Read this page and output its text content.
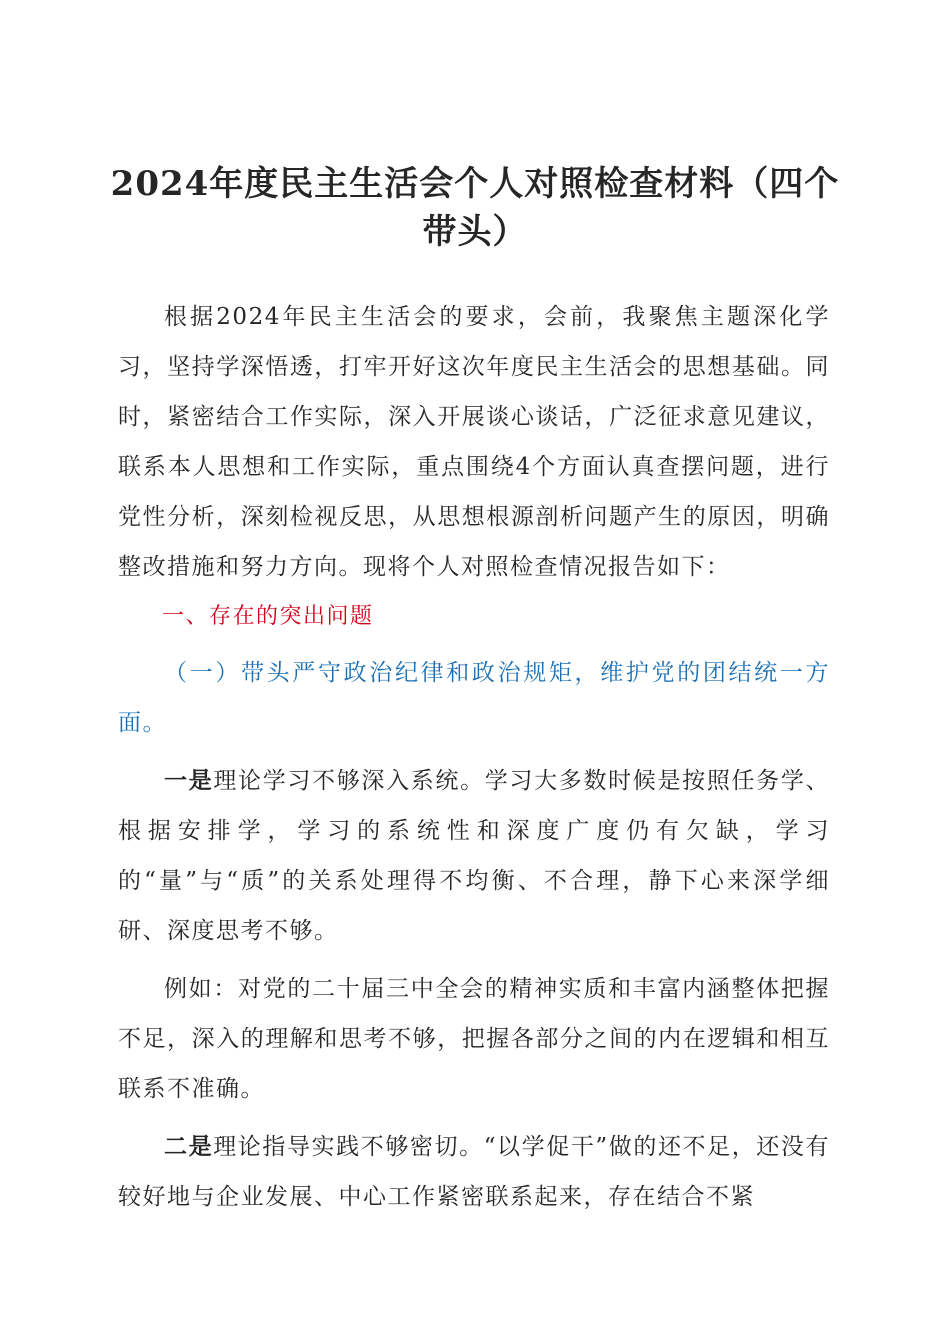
2024年度民主生活会个人对照检查材料（四个带头）

根据2024年民主生活会的要求，会前，我聚焦主题深化学习，坚持学深悟透，打牢开好这次年度民主生活会的思想基础。同时，紧密结合工作实际，深入开展谈心谈话，广泛征求意见建议，联系本人思想和工作实际，重点围绕4个方面认真查摆问题，进行党性分析，深刻检视反思，从思想根源剖析问题产生的原因，明确整改措施和努力方向。现将个人对照检查情况报告如下：

一、存在的突出问题

（一）带头严守政治纪律和政治规矩，维护党的团结统一方面。

一是理论学习不够深入系统。学习大多数时候是按照任务学、根据安排学，学习的系统性和深度广度仍有欠缺，学习的“量”与“质”的关系处理得不均衡、不合理，静下心来深学细研、深度思考不够。

例如：对党的二十届三中全会的精神实质和丰富内涵整体把握不足，深入的理解和思考不够，把握各部分之间的内在逻辑和相互联系不准确。

二是理论指导实践不够密切。“以学促干”做的还不足，还没有较好地与企业发展、中心工作紧密联系起来，存在结合不紧
